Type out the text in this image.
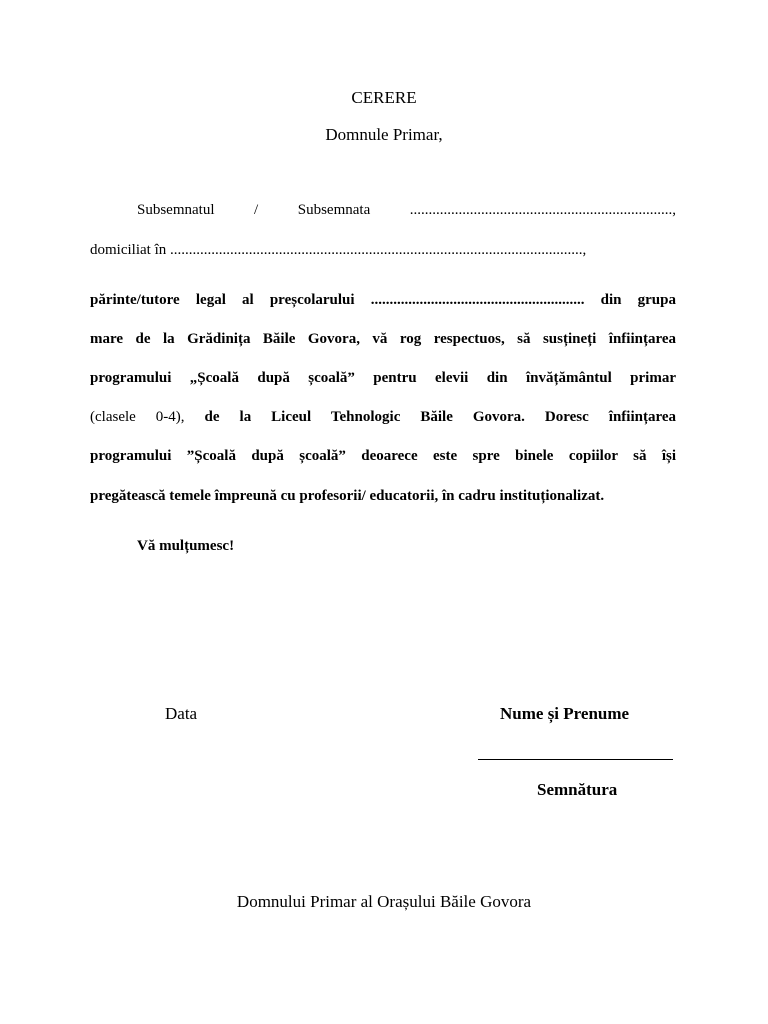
CERERE
Domnule Primar,
Subsemnatul	/	Subsemnata	......................................................................,
domiciliat în ..............................................................................................................,
părinte/tutore legal al preșcolarului ......................................................... din grupa
mare de la Grădinița Băile Govora, vă rog respectuos, să susțineți înființarea
programului „Școală după școală” pentru elevii din învățământul primar
(clasele 0-4), de la Liceul Tehnologic Băile Govora. Doresc înființarea
programului ”Școală după școală” deoarece este spre binele copiilor să își
pregătească temele împreună cu profesorii/ educatorii, în cadru instituționalizat.
Vă mulțumesc!
Data	Nume și Prenume
Semnătura
Domnului Primar al Orașului Băile Govora
